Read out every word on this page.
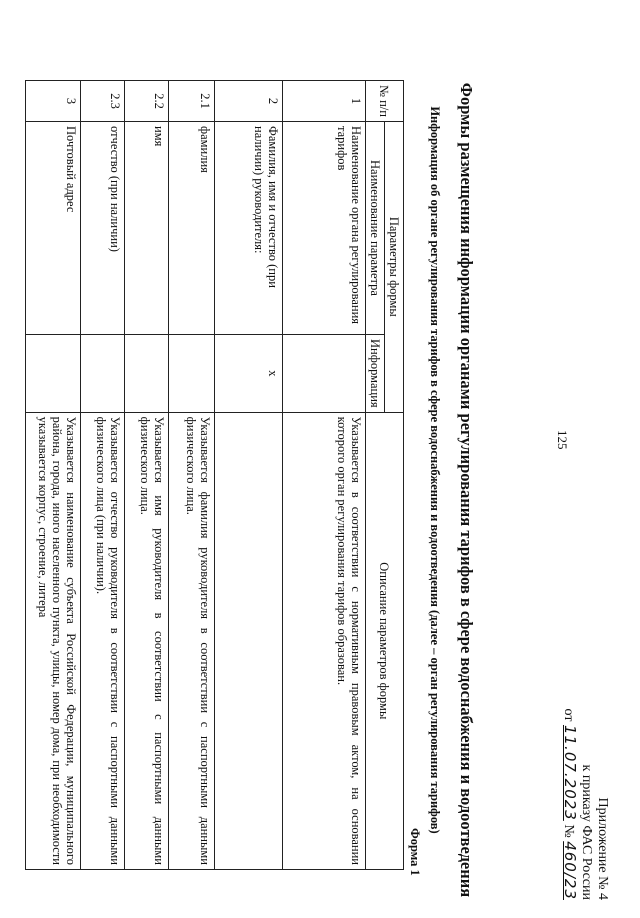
125
Приложение № 4
к приказу ФАС России
от 11.07.2023 № 460/23
Формы размещения информации органами регулирования тарифов в сфере водоснабжения и водоотведения
Форма 1
Информация об органе регулирования тарифов в сфере водоснабжения и водоотведения (далее – орган регулирования тарифов)
№ п/п	Параметры формы		Описание параметров формы
	Наименование параметра	Информация	
1	Наименование органа регулирования тарифов		Указывается в соответствии с нормативным правовым актом, на основании которого орган регулирования тарифов образован.
2	Фамилия, имя и отчество (при наличии) руководителя:	x	
2.1	фамилия		Указывается фамилия руководителя в соответствии с паспортными данными физического лица.
2.2	имя		Указывается имя руководителя в соответствии с паспортными данными физического лица.
2.3	отчество (при наличии)		Указывается отчество руководителя в соответствии с паспортными данными физического лица (при наличии).
3	Почтовый адрес		Указывается наименование субъекта Российской Федерации, муниципального района, города, иного населенного пункта, улицы, номер дома, при необходимости указывается корпус, строение, литера
